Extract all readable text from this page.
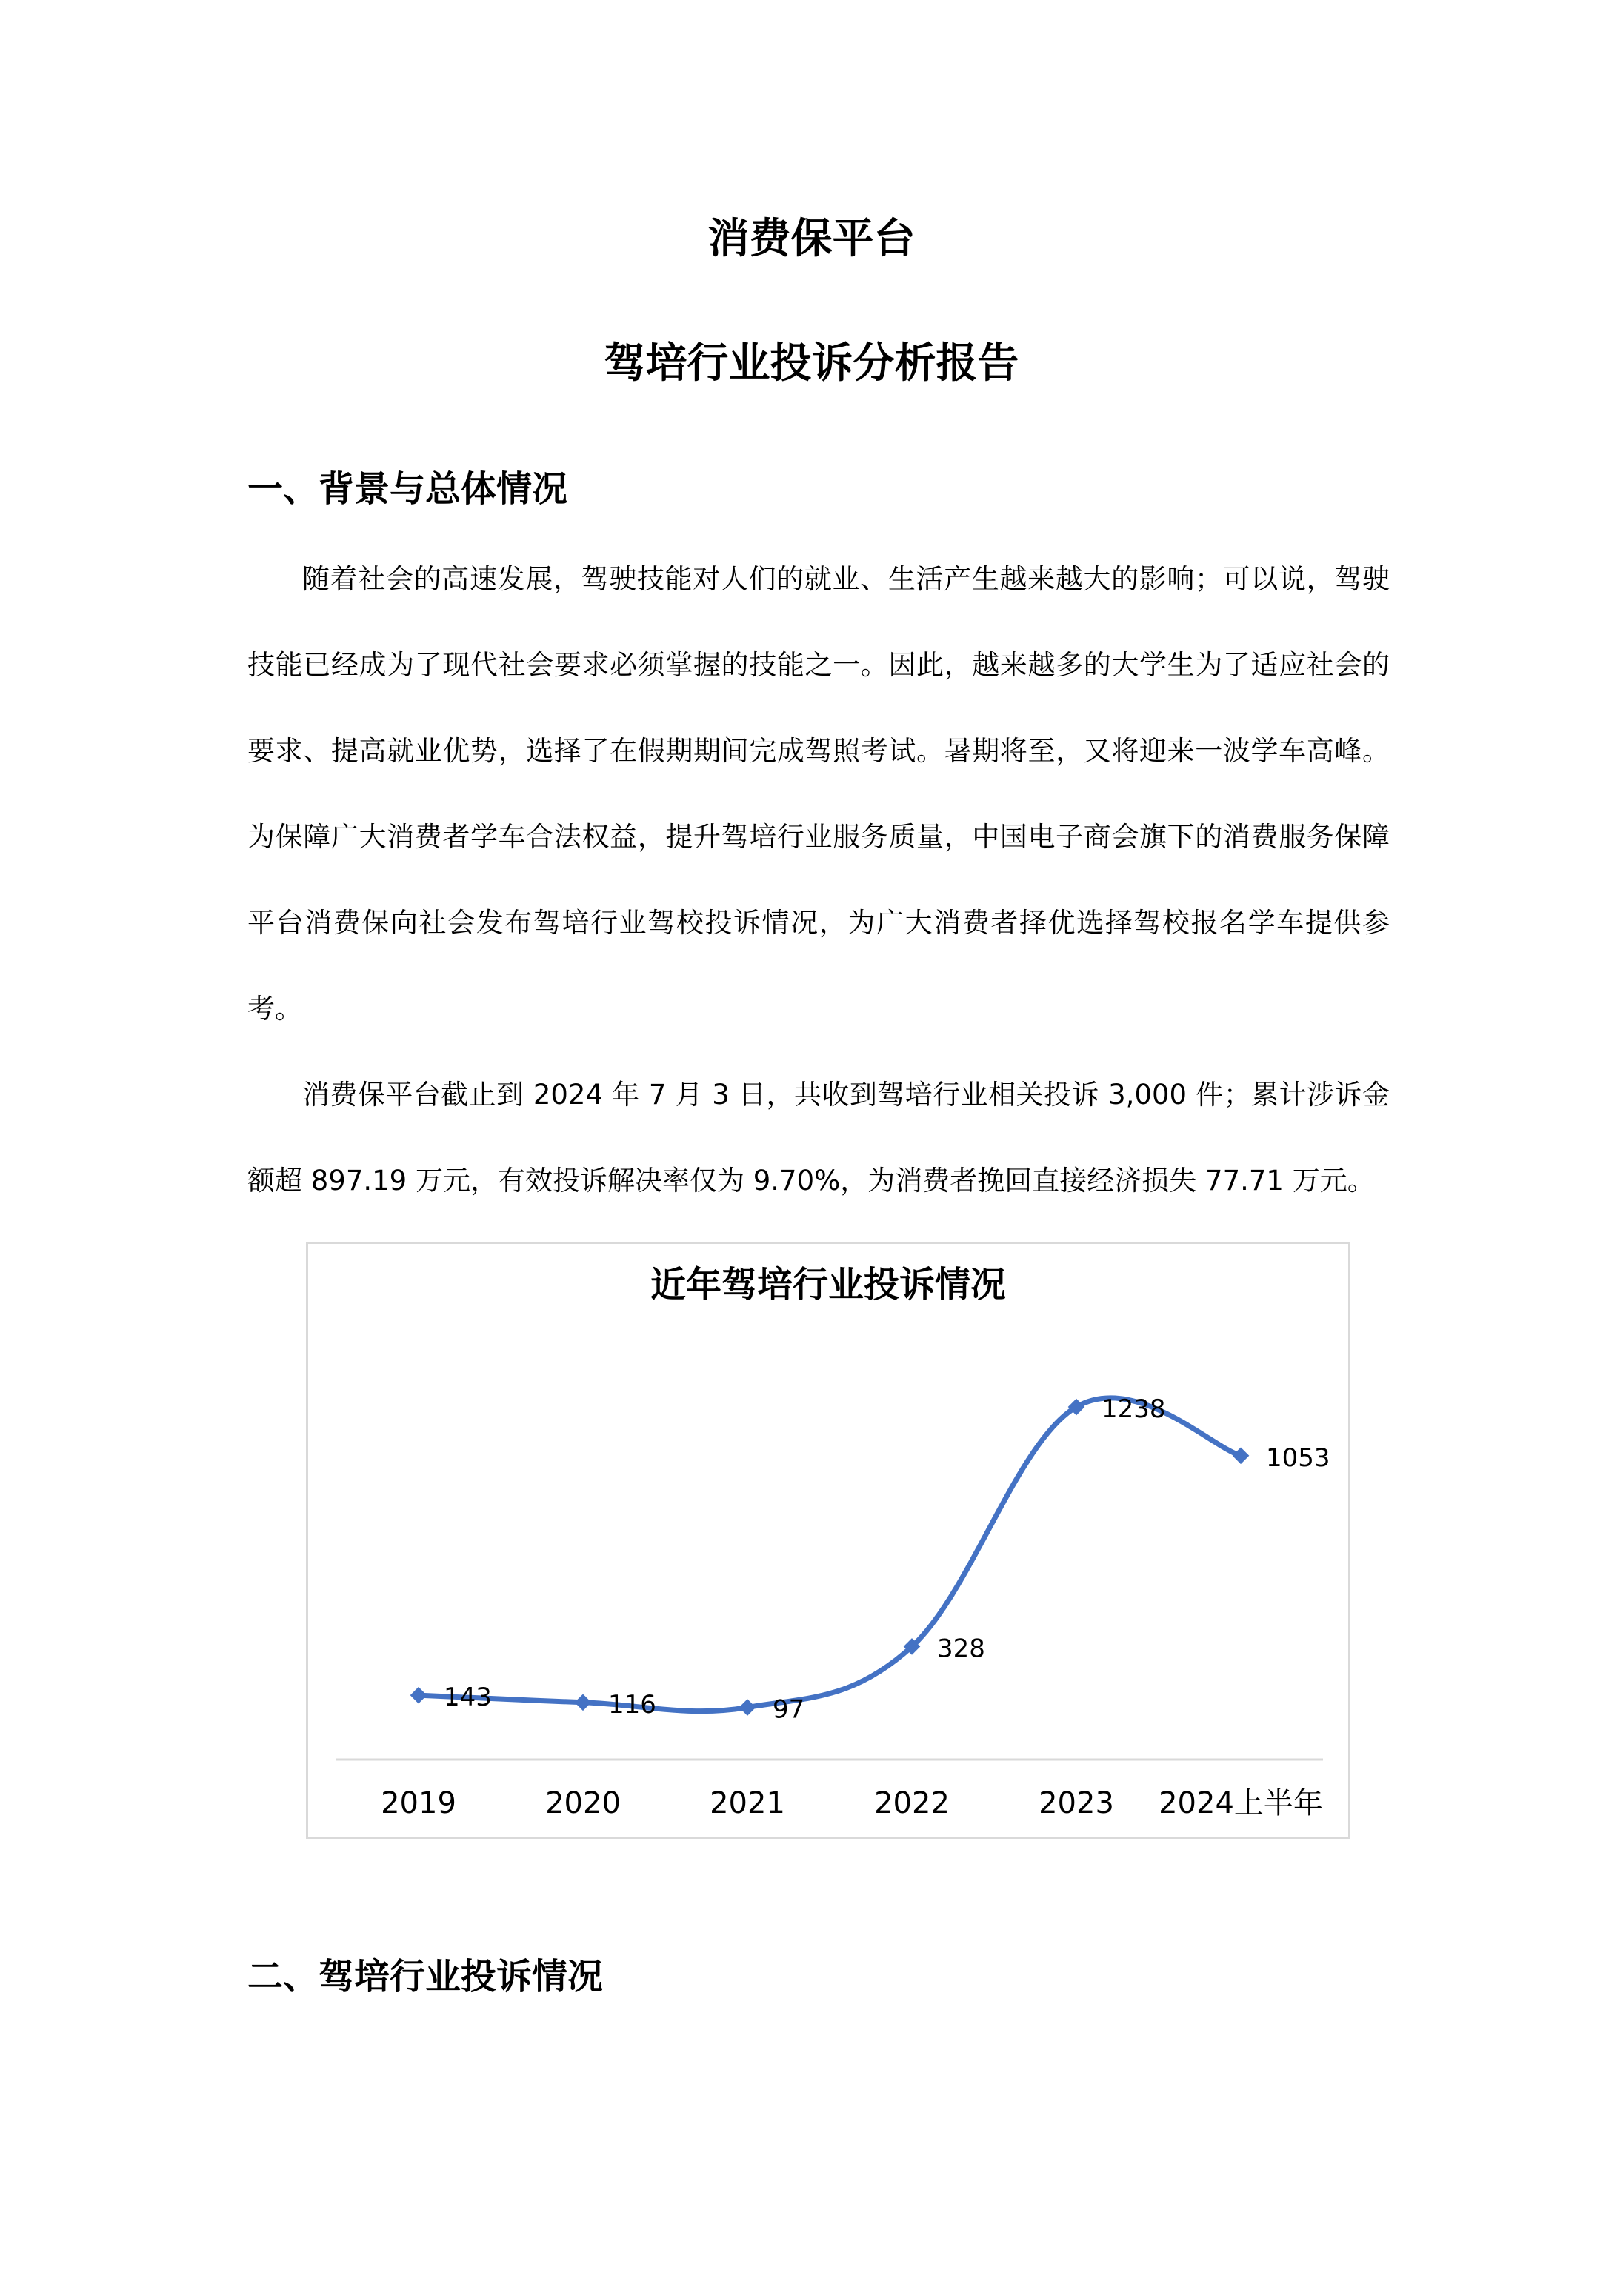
消费保平台
驾培行业投诉分析报告
一、背景与总体情况

随着社会的高速发展，驾驶技能对人们的就业、生活产生越来越大的影响；可以说，驾驶技能已经成为了现代社会要求必须掌握的技能之一。因此，越来越多的大学生为了适应社会的要求、提高就业优势，选择了在假期期间完成驾照考试。暑期将至，又将迎来一波学车高峰。为保障广大消费者学车合法权益，提升驾培行业服务质量，中国电子商会旗下的消费服务保障平台消费保向社会发布驾培行业驾校投诉情况，为广大消费者择优选择驾校报名学车提供参考。

消费保平台截止到 2024 年 7 月 3 日，共收到驾培行业相关投诉 3,000 件；累计涉诉金额超 897.19 万元，有效投诉解决率仅为 9.70%，为消费者挽回直接经济损失 77.71 万元。

近年驾培行业投诉情况
143
2019
116
2020
97
2021
328
2022
1238
2023
1053
2024上半年
二、驾培行业投诉情况
